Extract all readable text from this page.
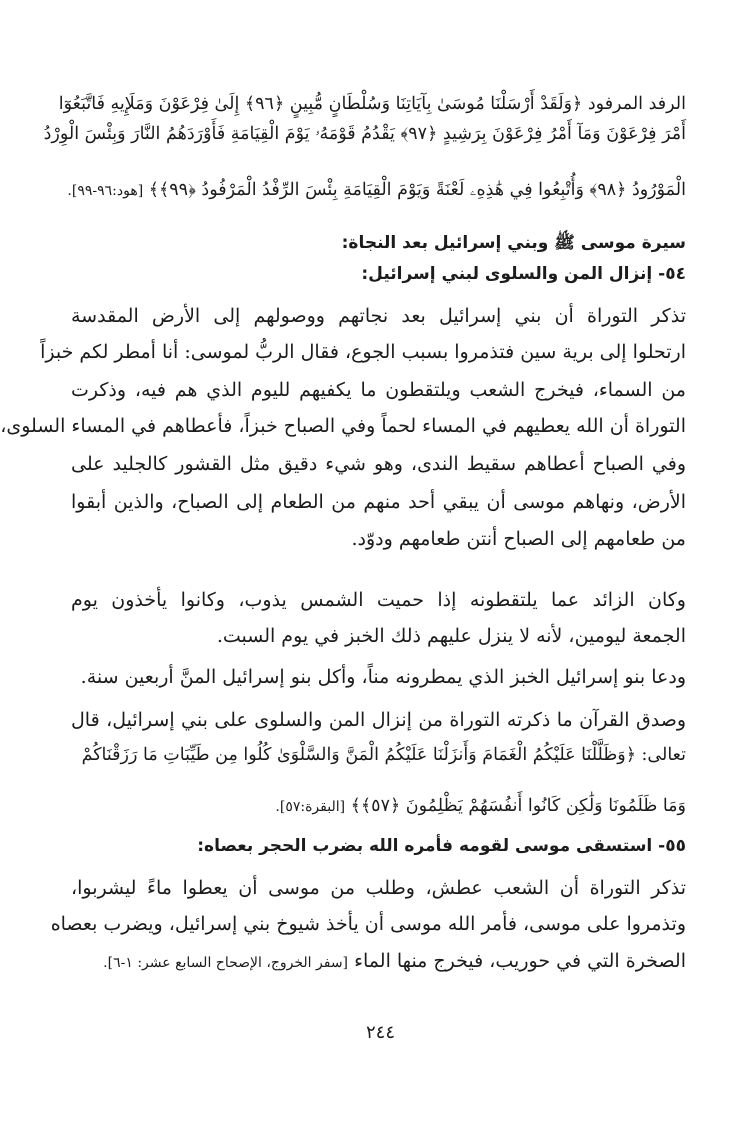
الرفد المرفود ﴿وَلَقَدْ أَرْسَلْنَا مُوسَىٰ بِآيَاتِنَا وَسُلْطَانٍ مُّبِينٍ ﴿٩٦﴾ إِلَىٰ فِرْعَوْنَ وَمَلَإِيهِ فَاتَّبَعُوٓا
أَمْرَ فِرْعَوْنَ وَمَآ أَمْرُ فِرْعَوْنَ بِرَشِيدٍ ﴿٩٧﴾ يَقْدُمُ قَوْمَهُۥ يَوْمَ الْقِيَامَةِ فَأَوْرَدَهُمُ النَّارَ وَبِئْسَ الْوِرْدُ
الْمَوْرُودُ ﴿٩٨﴾ وَأُتْبِعُوا فِي هَٰذِهِۦ لَعْنَةً وَيَوْمَ الْقِيَامَةِ بِئْسَ الرِّفْدُ الْمَرْفُودُ ﴿٩٩﴾﴾ [هود:٩٦-٩٩].
سيرة موسى ﷺ وبني إسرائيل بعد النجاة:
٥٤- إنزال المن والسلوى لبني إسرائيل:
تذكر التوراة أن بني إسرائيل بعد نجاتهم ووصولهم إلى الأرض المقدسة
ارتحلوا إلى برية سين فتذمروا بسبب الجوع، فقال الربُّ لموسى: أنا أمطر لكم خبزاً
من السماء، فيخرج الشعب ويلتقطون ما يكفيهم لليوم الذي هم فيه، وذكرت
التوراة أن الله يعطيهم في المساء لحماً وفي الصباح خبزاً، فأعطاهم في المساء السلوى،
وفي الصباح أعطاهم سقيط الندى، وهو شيء دقيق مثل القشور كالجليد على
الأرض، ونهاهم موسى أن يبقي أحد منهم من الطعام إلى الصباح، والذين أبقوا
من طعامهم إلى الصباح أنتن طعامهم ودوّد.
وكان الزائد عما يلتقطونه إذا حميت الشمس يذوب، وكانوا يأخذون يوم
الجمعة ليومين، لأنه لا ينزل عليهم ذلك الخبز في يوم السبت.
ودعا بنو إسرائيل الخبز الذي يمطرونه مناً، وأكل بنو إسرائيل المنَّ أربعين سنة.
وصدق القرآن ما ذكرته التوراة من إنزال المن والسلوى على بني إسرائيل، قال
تعالى: ﴿وَظَلَّلْنَا عَلَيْكُمُ الْغَمَامَ وَأَنزَلْنَا عَلَيْكُمُ الْمَنَّ وَالسَّلْوَىٰ كُلُوا مِن طَيِّبَاتِ مَا رَزَقْنَاكُمْ
وَمَا ظَلَمُونَا وَلَٰكِن كَانُوا أَنفُسَهُمْ يَظْلِمُونَ ﴿٥٧﴾﴾ [البقرة:٥٧].
٥٥- استسقى موسى لقومه فأمره الله بضرب الحجر بعصاه:
تذكر التوراة أن الشعب عطش، وطلب من موسى أن يعطوا ماءً ليشربوا،
وتذمروا على موسى، فأمر الله موسى أن يأخذ شيوخ بني إسرائيل، ويضرب بعصاه
الصخرة التي في حوريب، فيخرج منها الماء [سفر الخروج، الإصحاح السابع عشر: ١-٦].
٢٤٤
